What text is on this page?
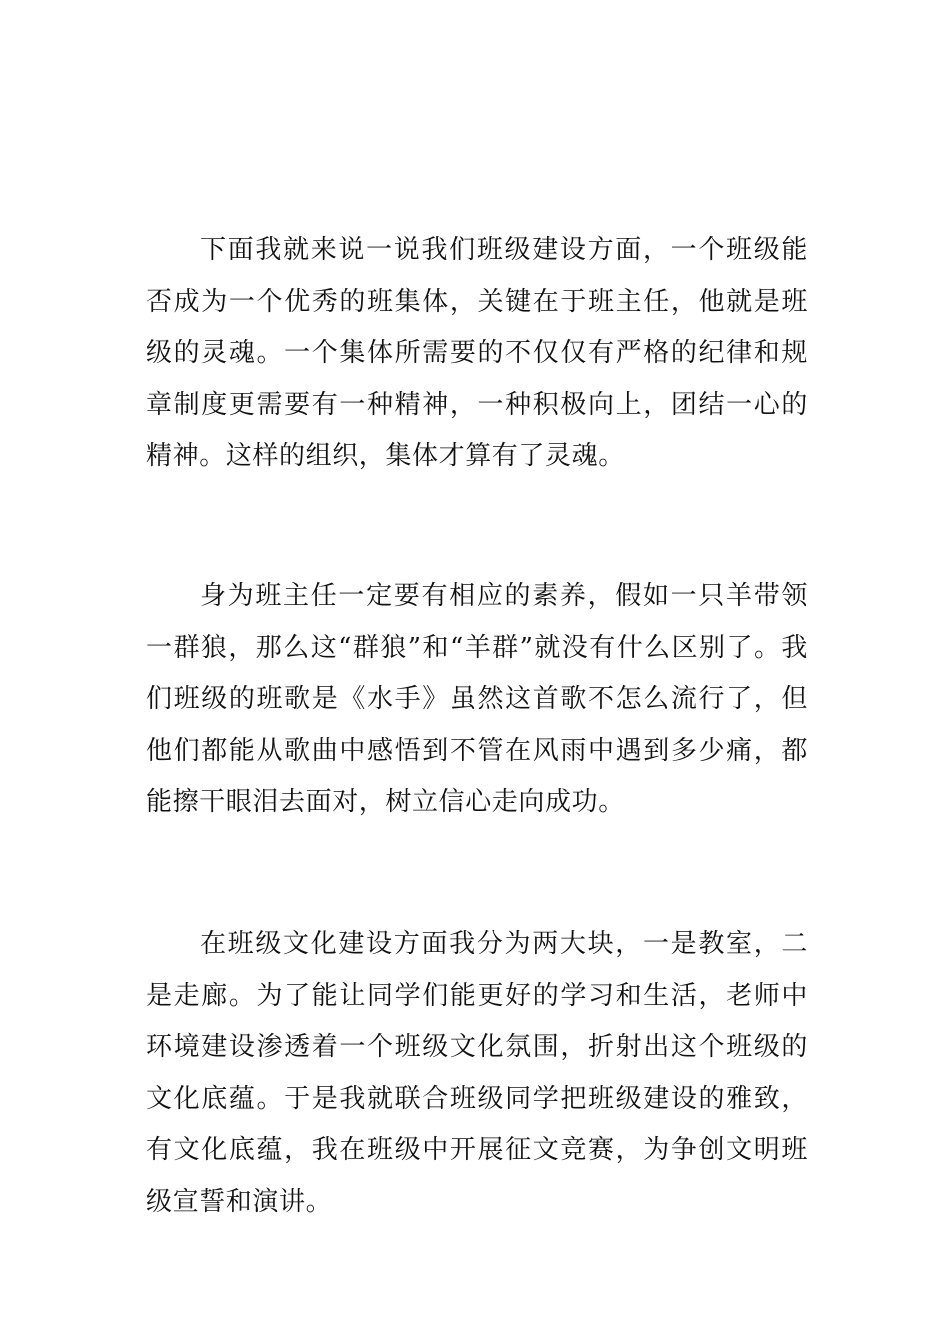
下面我就来说一说我们班级建设方面，一个班级能否成为一个优秀的班集体，关键在于班主任，他就是班级的灵魂。一个集体所需要的不仅仅有严格的纪律和规章制度更需要有一种精神，一种积极向上，团结一心的精神。这样的组织，集体才算有了灵魂。

身为班主任一定要有相应的素养，假如一只羊带领一群狼，那么这“群狼”和“羊群”就没有什么区别了。我们班级的班歌是《水手》虽然这首歌不怎么流行了，但他们都能从歌曲中感悟到不管在风雨中遇到多少痛，都能擦干眼泪去面对，树立信心走向成功。

在班级文化建设方面我分为两大块，一是教室，二是走廊。为了能让同学们能更好的学习和生活，老师中环境建设渗透着一个班级文化氛围，折射出这个班级的文化底蕴。于是我就联合班级同学把班级建设的雅致，有文化底蕴，我在班级中开展征文竞赛，为争创文明班级宣誓和演讲。
